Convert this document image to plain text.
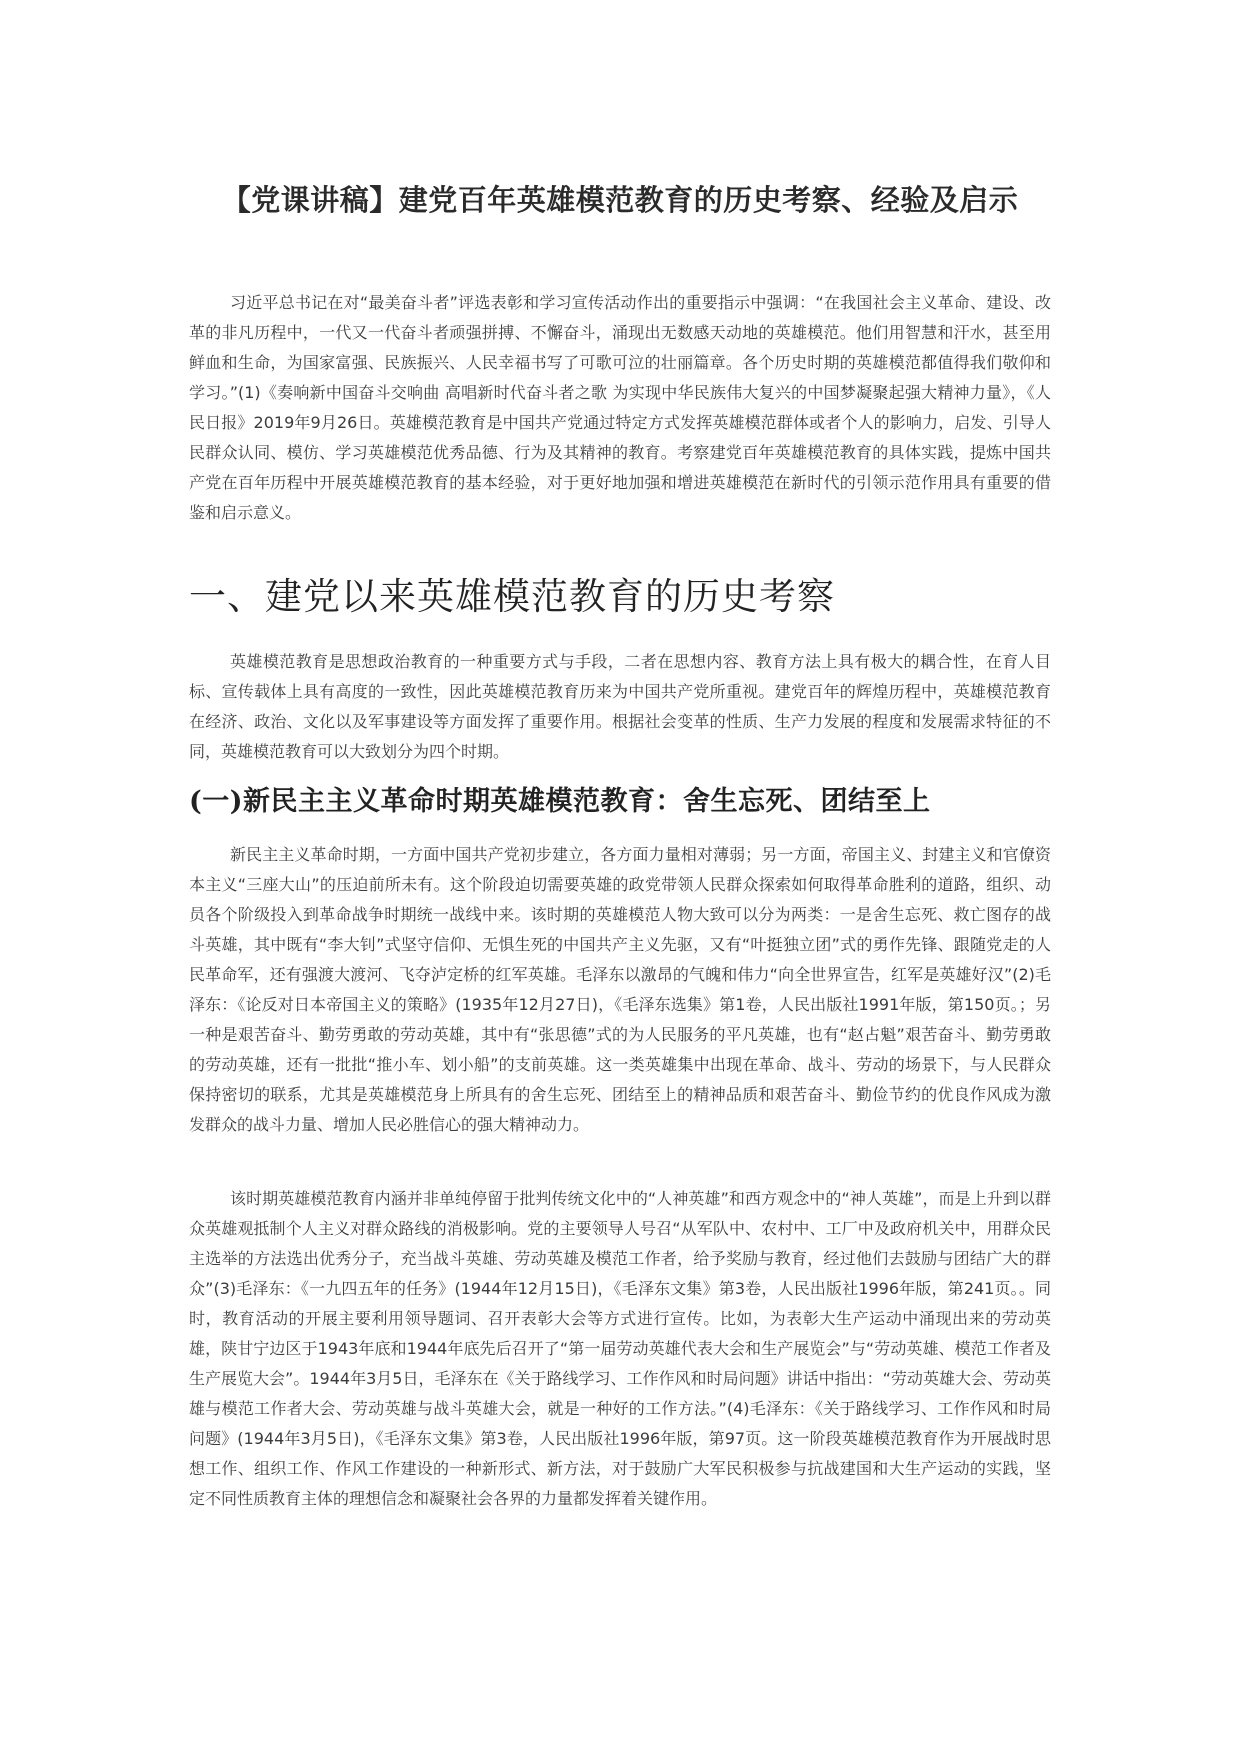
【党课讲稿】建党百年英雄模范教育的历史考察、经验及启示

习近平总书记在对“最美奋斗者”评选表彰和学习宣传活动作出的重要指示中强调：“在我国社会主义革命、建设、改革的非凡历程中，一代又一代奋斗者顽强拼搏、不懈奋斗，涌现出无数感天动地的英雄模范。他们用智慧和汗水，甚至用鲜血和生命，为国家富强、民族振兴、人民幸福书写了可歌可泣的壮丽篇章。各个历史时期的英雄模范都值得我们敬仰和学习。”(1)《奏响新中国奋斗交响曲 高唱新时代奋斗者之歌 为实现中华民族伟大复兴的中国梦凝聚起强大精神力量》，《人民日报》2019年9月26日。英雄模范教育是中国共产党通过特定方式发挥英雄模范群体或者个人的影响力，启发、引导人民群众认同、模仿、学习英雄模范优秀品德、行为及其精神的教育。考察建党百年英雄模范教育的具体实践，提炼中国共产党在百年历程中开展英雄模范教育的基本经验，对于更好地加强和增进英雄模范在新时代的引领示范作用具有重要的借鉴和启示意义。

一、建党以来英雄模范教育的历史考察

英雄模范教育是思想政治教育的一种重要方式与手段，二者在思想内容、教育方法上具有极大的耦合性，在育人目标、宣传载体上具有高度的一致性，因此英雄模范教育历来为中国共产党所重视。建党百年的辉煌历程中，英雄模范教育在经济、政治、文化以及军事建设等方面发挥了重要作用。根据社会变革的性质、生产力发展的程度和发展需求特征的不同，英雄模范教育可以大致划分为四个时期。

(一)新民主主义革命时期英雄模范教育：舍生忘死、团结至上

新民主主义革命时期，一方面中国共产党初步建立，各方面力量相对薄弱；另一方面，帝国主义、封建主义和官僚资本主义“三座大山”的压迫前所未有。这个阶段迫切需要英雄的政党带领人民群众探索如何取得革命胜利的道路，组织、动员各个阶级投入到革命战争时期统一战线中来。该时期的英雄模范人物大致可以分为两类：一是舍生忘死、救亡图存的战斗英雄，其中既有“李大钊”式坚守信仰、无惧生死的中国共产主义先驱，又有“叶挺独立团”式的勇作先锋、跟随党走的人民革命军，还有强渡大渡河、飞夺泸定桥的红军英雄。毛泽东以激昂的气魄和伟力“向全世界宣告，红军是英雄好汉”(2)毛泽东：《论反对日本帝国主义的策略》(1935年12月27日)，《毛泽东选集》第1卷，人民出版社1991年版，第150页。；另一种是艰苦奋斗、勤劳勇敢的劳动英雄，其中有“张思德”式的为人民服务的平凡英雄，也有“赵占魁”艰苦奋斗、勤劳勇敢的劳动英雄，还有一批批“推小车、划小船”的支前英雄。这一类英雄集中出现在革命、战斗、劳动的场景下，与人民群众保持密切的联系，尤其是英雄模范身上所具有的舍生忘死、团结至上的精神品质和艰苦奋斗、勤俭节约的优良作风成为激发群众的战斗力量、增加人民必胜信心的强大精神动力。

该时期英雄模范教育内涵并非单纯停留于批判传统文化中的“人神英雄”和西方观念中的“神人英雄”，而是上升到以群众英雄观抵制个人主义对群众路线的消极影响。党的主要领导人号召“从军队中、农村中、工厂中及政府机关中，用群众民主选举的方法选出优秀分子，充当战斗英雄、劳动英雄及模范工作者，给予奖励与教育，经过他们去鼓励与团结广大的群众”(3)毛泽东：《一九四五年的任务》(1944年12月15日)，《毛泽东文集》第3卷，人民出版社1996年版，第241页。。同时，教育活动的开展主要利用领导题词、召开表彰大会等方式进行宣传。比如，为表彰大生产运动中涌现出来的劳动英雄，陕甘宁边区于1943年底和1944年底先后召开了“第一届劳动英雄代表大会和生产展览会”与“劳动英雄、模范工作者及生产展览大会”。1944年3月5日，毛泽东在《关于路线学习、工作作风和时局问题》讲话中指出：“劳动英雄大会、劳动英雄与模范工作者大会、劳动英雄与战斗英雄大会，就是一种好的工作方法。”(4)毛泽东：《关于路线学习、工作作风和时局问题》(1944年3月5日)，《毛泽东文集》第3卷，人民出版社1996年版，第97页。这一阶段英雄模范教育作为开展战时思想工作、组织工作、作风工作建设的一种新形式、新方法，对于鼓励广大军民积极参与抗战建国和大生产运动的实践，坚定不同性质教育主体的理想信念和凝聚社会各界的力量都发挥着关键作用。
